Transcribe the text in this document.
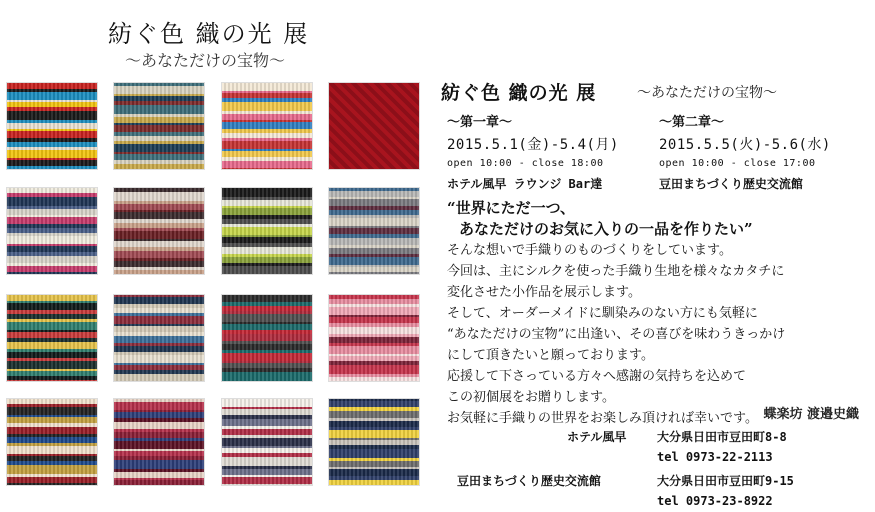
紡ぐ色 織の光 展
〜あなただけの宝物〜
紡ぐ色 織の光 展	〜あなただけの宝物〜
〜第一章〜
2015.5.1(金)-5.4(月)
open 10:00 - close 18:00
ホテル風早 ラウンジ Bar達
〜第二章〜
2015.5.5(火)-5.6(水)
open 10:00 - close 17:00
豆田まちづくり歴史交流館
“世界にただ一つ、
あなただけのお気に入りの一品を作りたい”
そんな想いで手織りのものづくりをしています。
今回は、主にシルクを使った手織り生地を様々なカタチに
変化させた小作品を展示します。
そして、オーダーメイドに馴染みのない方にも気軽に
“あなただけの宝物”に出逢い、その喜びを味わうきっかけ
にして頂きたいと願っております。
応援して下さっている方々へ感謝の気持ちを込めて
この初個展をお贈りします。
お気軽に手織りの世界をお楽しみ頂ければ幸いです。 蝶楽坊 渡邉史織
ホテル風早	大分県日田市豆田町8-8
tel 0973-22-2113
豆田まちづくり歴史交流館	大分県日田市豆田町9-15
tel 0973-23-8922
